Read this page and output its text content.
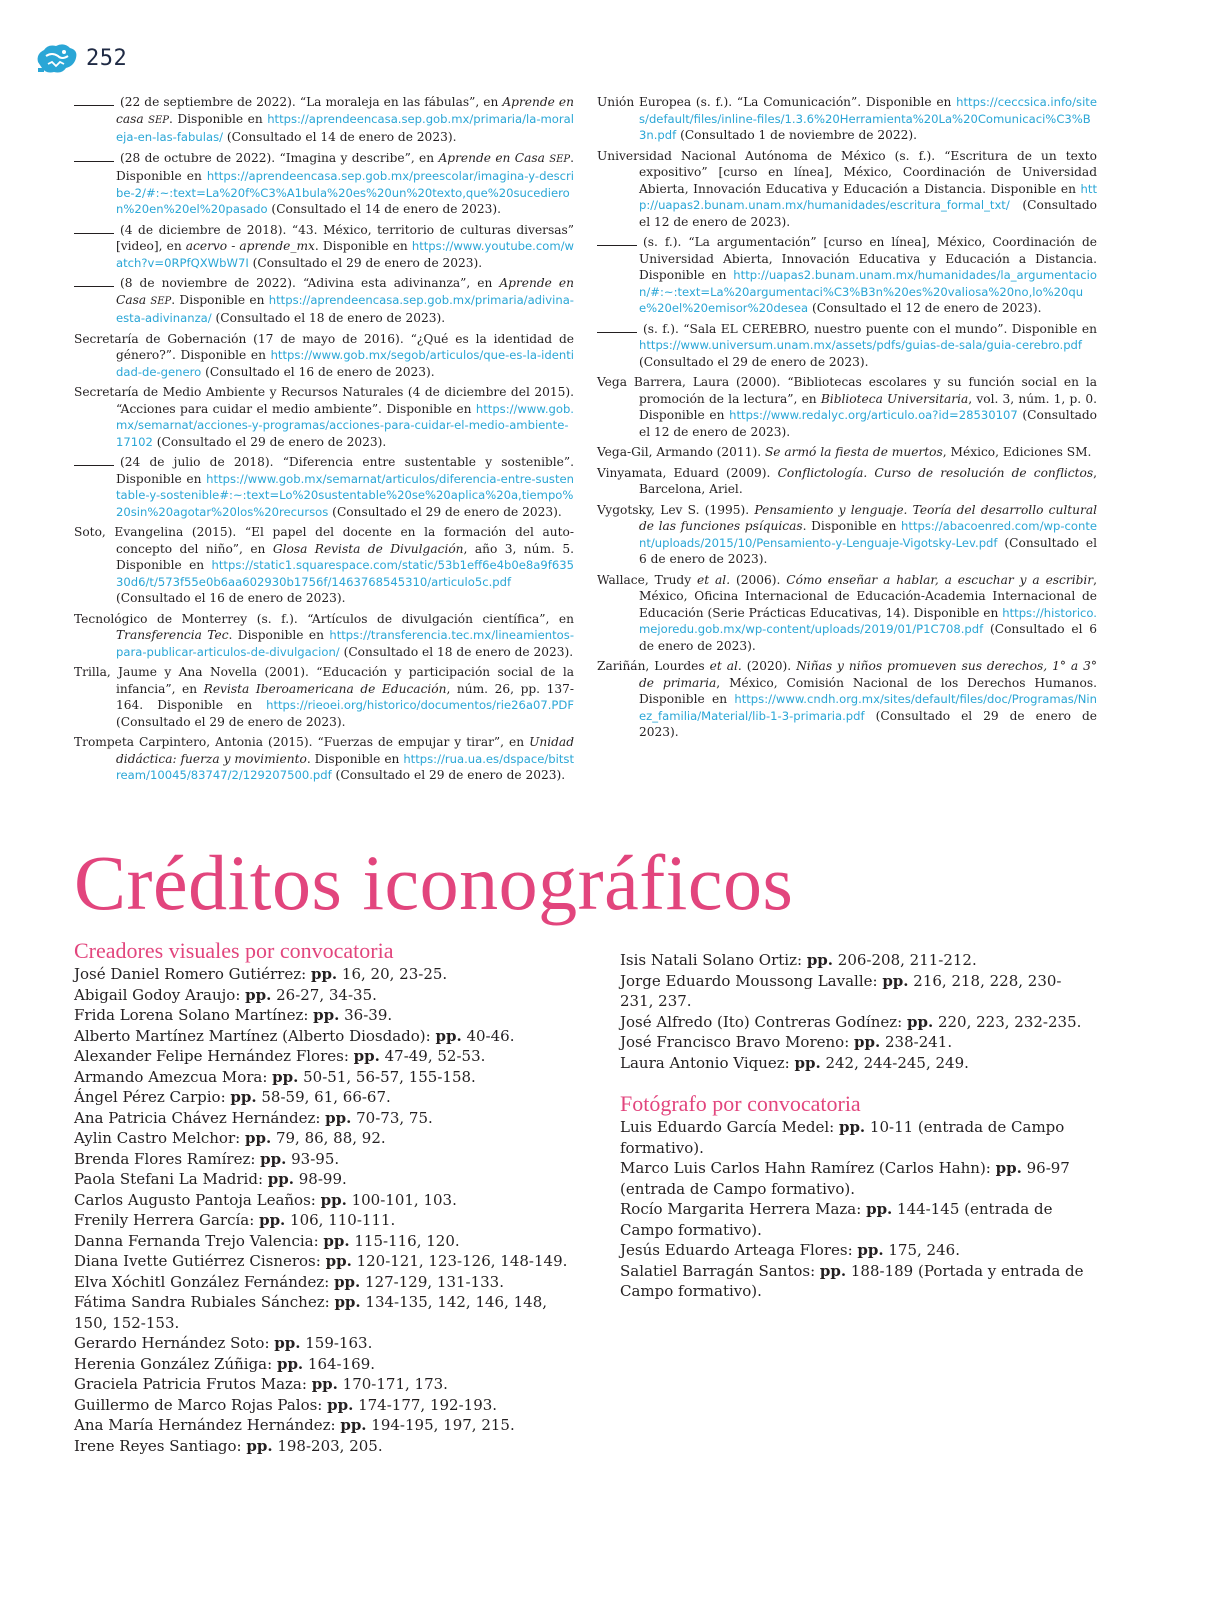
252

(22 de septiembre de 2022). “La moraleja en las fábulas”, en Aprende en casa SEP. Disponible en https://aprendeencasa.sep.gob.mx/primaria/la-moraleja-en-las-fabulas/ (Consultado el 14 de enero de 2023).

(28 de octubre de 2022). “Imagina y describe”, en Aprende en Casa SEP. Disponible en https://aprendeencasa.sep.gob.mx/preescolar/imagina-y-describe-2/#:~:text=La%20f%C3%A1bula%20es%20un%20texto,que%20sucedieron%20en%20el%20pasado (Consultado el 14 de enero de 2023).

(4 de diciembre de 2018). “43. México, territorio de culturas diversas” [video], en acervo - aprende_mx. Disponible en https://www.youtube.com/watch?v=0RPfQXWbW7I (Consultado el 29 de enero de 2023).

(8 de noviembre de 2022). “Adivina esta adivinanza”, en Aprende en Casa SEP. Disponible en https://aprendeencasa.sep.gob.mx/primaria/adivina-esta-adivinanza/ (Consultado el 18 de enero de 2023).

Secretaría de Gobernación (17 de mayo de 2016). “¿Qué es la identidad de género?”. Disponible en https://www.gob.mx/segob/articulos/que-es-la-identidad-de-genero (Consultado el 16 de enero de 2023).

Secretaría de Medio Ambiente y Recursos Naturales (4 de diciembre del 2015). “Acciones para cuidar el medio ambiente”. Disponible en https://www.gob.mx/semarnat/acciones-y-programas/acciones-para-cuidar-el-medio-ambiente-17102 (Consultado el 29 de enero de 2023).

(24 de julio de 2018). “Diferencia entre sustentable y sostenible”. Disponible en https://www.gob.mx/semarnat/articulos/diferencia-entre-sustentable-y-sostenible#:~:text=Lo%20sustentable%20se%20aplica%20a,tiempo%20sin%20agotar%20los%20recursos (Consultado el 29 de enero de 2023).

Soto, Evangelina (2015). “El papel del docente en la formación del auto-concepto del niño”, en Glosa Revista de Divulgación, año 3, núm. 5. Disponible en https://static1.squarespace.com/static/53b1eff6e4b0e8a9f63530d6/t/573f55e0b6aa602930b1756f/1463768545310/articulo5c.pdf (Consultado el 16 de enero de 2023).

Tecnológico de Monterrey (s. f.). “Artículos de divulgación científica”, en Transferencia Tec. Disponible en https://transferencia.tec.mx/lineamientos-para-publicar-articulos-de-divulgacion/ (Consultado el 18 de enero de 2023).

Trilla, Jaume y Ana Novella (2001). “Educación y participación social de la infancia”, en Revista Iberoamericana de Educación, núm. 26, pp. 137-164. Disponible en https://rieoei.org/historico/documentos/rie26a07.PDF (Consultado el 29 de enero de 2023).

Trompeta Carpintero, Antonia (2015). “Fuerzas de empujar y tirar”, en Unidad didáctica: fuerza y movimiento. Disponible en https://rua.ua.es/dspace/bitstream/10045/83747/2/129207500.pdf (Consultado el 29 de enero de 2023).

Unión Europea (s. f.). “La Comunicación”. Disponible en https://ceccsica.info/sites/default/files/inline-files/1.3.6%20Herramienta%20La%20Comunicaci%C3%B3n.pdf (Consultado 1 de noviembre de 2022).

Universidad Nacional Autónoma de México (s. f.). “Escritura de un texto expositivo” [curso en línea], México, Coordinación de Universidad Abierta, Innovación Educativa y Educación a Distancia. Disponible en http://uapas2.bunam.unam.mx/humanidades/escritura_formal_txt/ (Consultado el 12 de enero de 2023).

(s. f.). “La argumentación” [curso en línea], México, Coordinación de Universidad Abierta, Innovación Educativa y Educación a Distancia. Disponible en http://uapas2.bunam.unam.mx/humanidades/la_argumentacion/#:~:text=La%20argumentaci%C3%B3n%20es%20valiosa%20no,lo%20que%20el%20emisor%20desea (Consultado el 12 de enero de 2023).

(s. f.). “Sala EL CEREBRO, nuestro puente con el mundo”. Disponible en https://www.universum.unam.mx/assets/pdfs/guias-de-sala/guia-cerebro.pdf (Consultado el 29 de enero de 2023).

Vega Barrera, Laura (2000). “Bibliotecas escolares y su función social en la promoción de la lectura”, en Biblioteca Universitaria, vol. 3, núm. 1, p. 0. Disponible en https://www.redalyc.org/articulo.oa?id=28530107 (Consultado el 12 de enero de 2023).

Vega-Gil, Armando (2011). Se armó la fiesta de muertos, México, Ediciones SM.

Vinyamata, Eduard (2009). Conflictología. Curso de resolución de conflictos, Barcelona, Ariel.

Vygotsky, Lev S. (1995). Pensamiento y lenguaje. Teoría del desarrollo cultural de las funciones psíquicas. Disponible en https://abacoenred.com/wp-content/uploads/2015/10/Pensamiento-y-Lenguaje-Vigotsky-Lev.pdf (Consultado el 6 de enero de 2023).

Wallace, Trudy et al. (2006). Cómo enseñar a hablar, a escuchar y a escribir, México, Oficina Internacional de Educación-Academia Internacional de Educación (Serie Prácticas Educativas, 14). Disponible en https://historico.mejoredu.gob.mx/wp-content/uploads/2019/01/P1C708.pdf (Consultado el 6 de enero de 2023).

Zariñán, Lourdes et al. (2020). Niñas y niños promueven sus derechos, 1° a 3° de primaria, México, Comisión Nacional de los Derechos Humanos. Disponible en https://www.cndh.org.mx/sites/default/files/doc/Programas/Ninez_familia/Material/lib-1-3-primaria.pdf (Consultado el 29 de enero de 2023).

Créditos iconográficos
Creadores visuales por convocatoria
José Daniel Romero Gutiérrez: pp. 16, 20, 23-25.
Abigail Godoy Araujo: pp. 26-27, 34-35.
Frida Lorena Solano Martínez: pp. 36-39.
Alberto Martínez Martínez (Alberto Diosdado): pp. 40-46.
Alexander Felipe Hernández Flores: pp. 47-49, 52-53.
Armando Amezcua Mora: pp. 50-51, 56-57, 155-158.
Ángel Pérez Carpio: pp. 58-59, 61, 66-67.
Ana Patricia Chávez Hernández: pp. 70-73, 75.
Aylin Castro Melchor: pp. 79, 86, 88, 92.
Brenda Flores Ramírez: pp. 93-95.
Paola Stefani La Madrid: pp. 98-99.
Carlos Augusto Pantoja Leaños: pp. 100-101, 103.
Frenily Herrera García: pp. 106, 110-111.
Danna Fernanda Trejo Valencia: pp. 115-116, 120.
Diana Ivette Gutiérrez Cisneros: pp. 120-121, 123-126, 148-149.
Elva Xóchitl González Fernández: pp. 127-129, 131-133.
Fátima Sandra Rubiales Sánchez: pp. 134-135, 142, 146, 148, 150, 152-153.
Gerardo Hernández Soto: pp. 159-163.
Herenia González Zúñiga: pp. 164-169.
Graciela Patricia Frutos Maza: pp. 170-171, 173.
Guillermo de Marco Rojas Palos: pp. 174-177, 192-193.
Ana María Hernández Hernández: pp. 194-195, 197, 215.
Irene Reyes Santiago: pp. 198-203, 205.
Isis Natali Solano Ortiz: pp. 206-208, 211-212.
Jorge Eduardo Moussong Lavalle: pp. 216, 218, 228, 230-231, 237.
José Alfredo (Ito) Contreras Godínez: pp. 220, 223, 232-235.
José Francisco Bravo Moreno: pp. 238-241.
Laura Antonio Viquez: pp. 242, 244-245, 249.
Fotógrafo por convocatoria
Luis Eduardo García Medel: pp. 10-11 (entrada de Campo formativo).
Marco Luis Carlos Hahn Ramírez (Carlos Hahn): pp. 96-97 (entrada de Campo formativo).
Rocío Margarita Herrera Maza: pp. 144-145 (entrada de Campo formativo).
Jesús Eduardo Arteaga Flores: pp. 175, 246.
Salatiel Barragán Santos: pp. 188-189 (Portada y entrada de Campo formativo).
